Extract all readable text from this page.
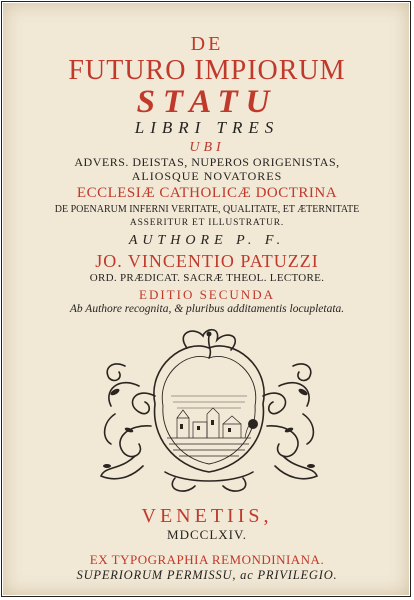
DE
FUTURO IMPIORUM
STATU
LIBRI TRES
UBI
ADVERS. DEISTAS, NUPEROS ORIGENISTAS,
ALIOSQUE NOVATORES
ECCLESIÆ CATHOLICÆ DOCTRINA
DE POENARUM INFERNI VERITATE, QUALITATE, ET ÆTERNITATE
ASSERITUR ET ILLUSTRATUR.
AUTHORE P. F.
JO. VINCENTIO PATUZZI
ORD. PRÆDICAT. SACRÆ THEOL. LECTORE.
EDITIO SECUNDA
Ab Authore recognita, & pluribus additamentis locupletata.
VENETIIS,
MDCCLXIV.
EX TYPOGRAPHIA REMONDINIANA.
SUPERIORUM PERMISSU, ac PRIVILEGIO.
